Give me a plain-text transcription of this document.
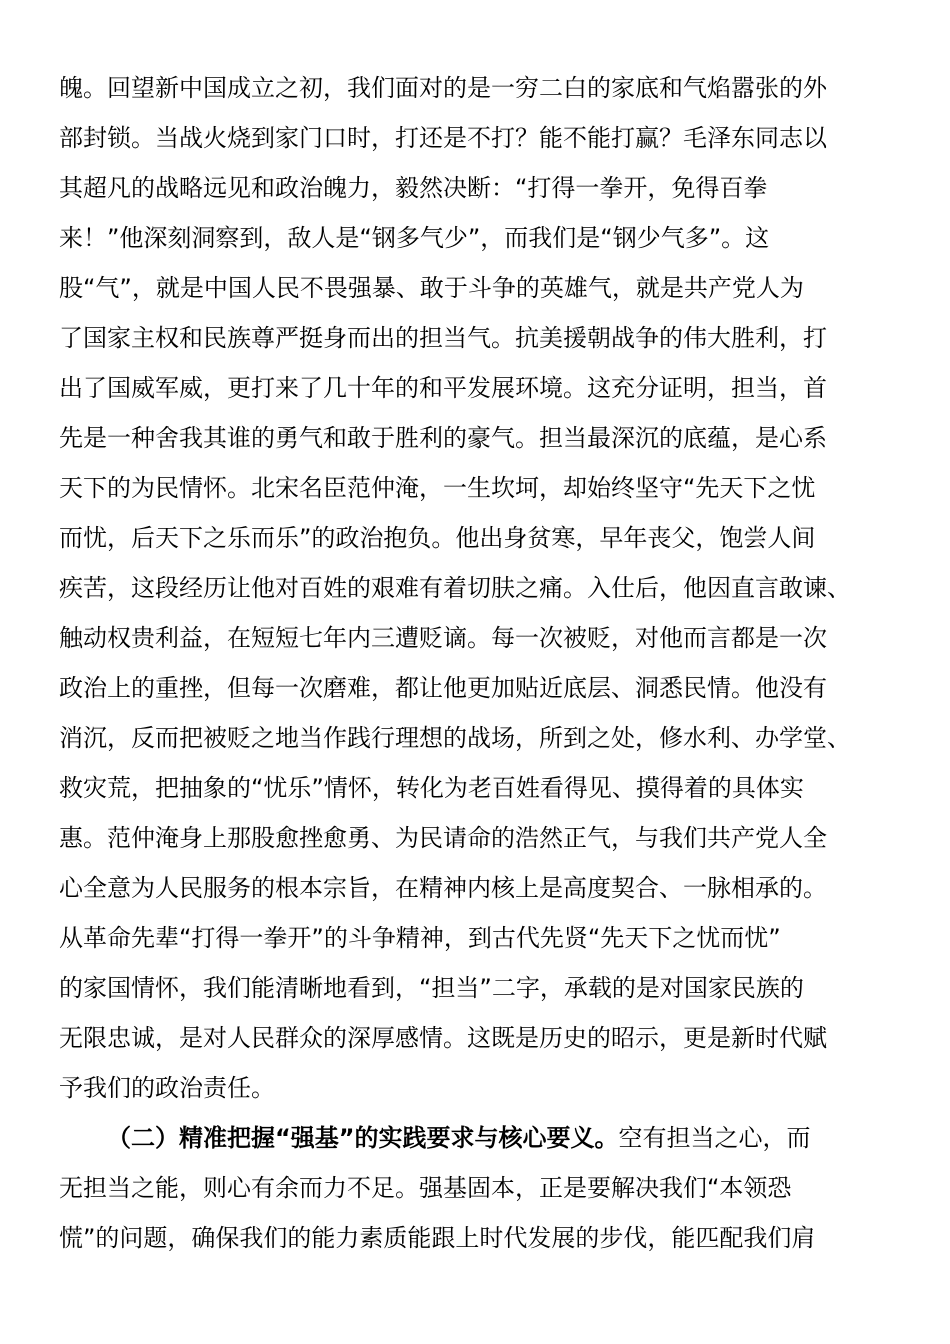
魄。回望新中国成立之初，我们面对的是一穷二白的家底和气焰嚣张的外
部封锁。当战火烧到家门口时，打还是不打？能不能打赢？毛泽东同志以
其超凡的战略远见和政治魄力，毅然决断：“打得一拳开，免得百拳
来！”他深刻洞察到，敌人是“钢多气少”，而我们是“钢少气多”。这
股“气”，就是中国人民不畏强暴、敢于斗争的英雄气，就是共产党人为
了国家主权和民族尊严挺身而出的担当气。抗美援朝战争的伟大胜利，打
出了国威军威，更打来了几十年的和平发展环境。这充分证明，担当，首
先是一种舍我其谁的勇气和敢于胜利的豪气。担当最深沉的底蕴，是心系
天下的为民情怀。北宋名臣范仲淹，一生坎坷，却始终坚守“先天下之忧
而忧，后天下之乐而乐”的政治抱负。他出身贫寒，早年丧父，饱尝人间
疾苦，这段经历让他对百姓的艰难有着切肤之痛。入仕后，他因直言敢谏、
触动权贵利益，在短短七年内三遭贬谪。每一次被贬，对他而言都是一次
政治上的重挫，但每一次磨难，都让他更加贴近底层、洞悉民情。他没有
消沉，反而把被贬之地当作践行理想的战场，所到之处，修水利、办学堂、
救灾荒，把抽象的“忧乐”情怀，转化为老百姓看得见、摸得着的具体实
惠。范仲淹身上那股愈挫愈勇、为民请命的浩然正气，与我们共产党人全
心全意为人民服务的根本宗旨，在精神内核上是高度契合、一脉相承的。
从革命先辈“打得一拳开”的斗争精神，到古代先贤“先天下之忧而忧”
的家国情怀，我们能清晰地看到，“担当”二字，承载的是对国家民族的
无限忠诚，是对人民群众的深厚感情。这既是历史的昭示，更是新时代赋
予我们的政治责任。
（二）精准把握“强基”的实践要求与核心要义。空有担当之心，而
无担当之能，则心有余而力不足。强基固本，正是要解决我们“本领恐
慌”的问题，确保我们的能力素质能跟上时代发展的步伐，能匹配我们肩
